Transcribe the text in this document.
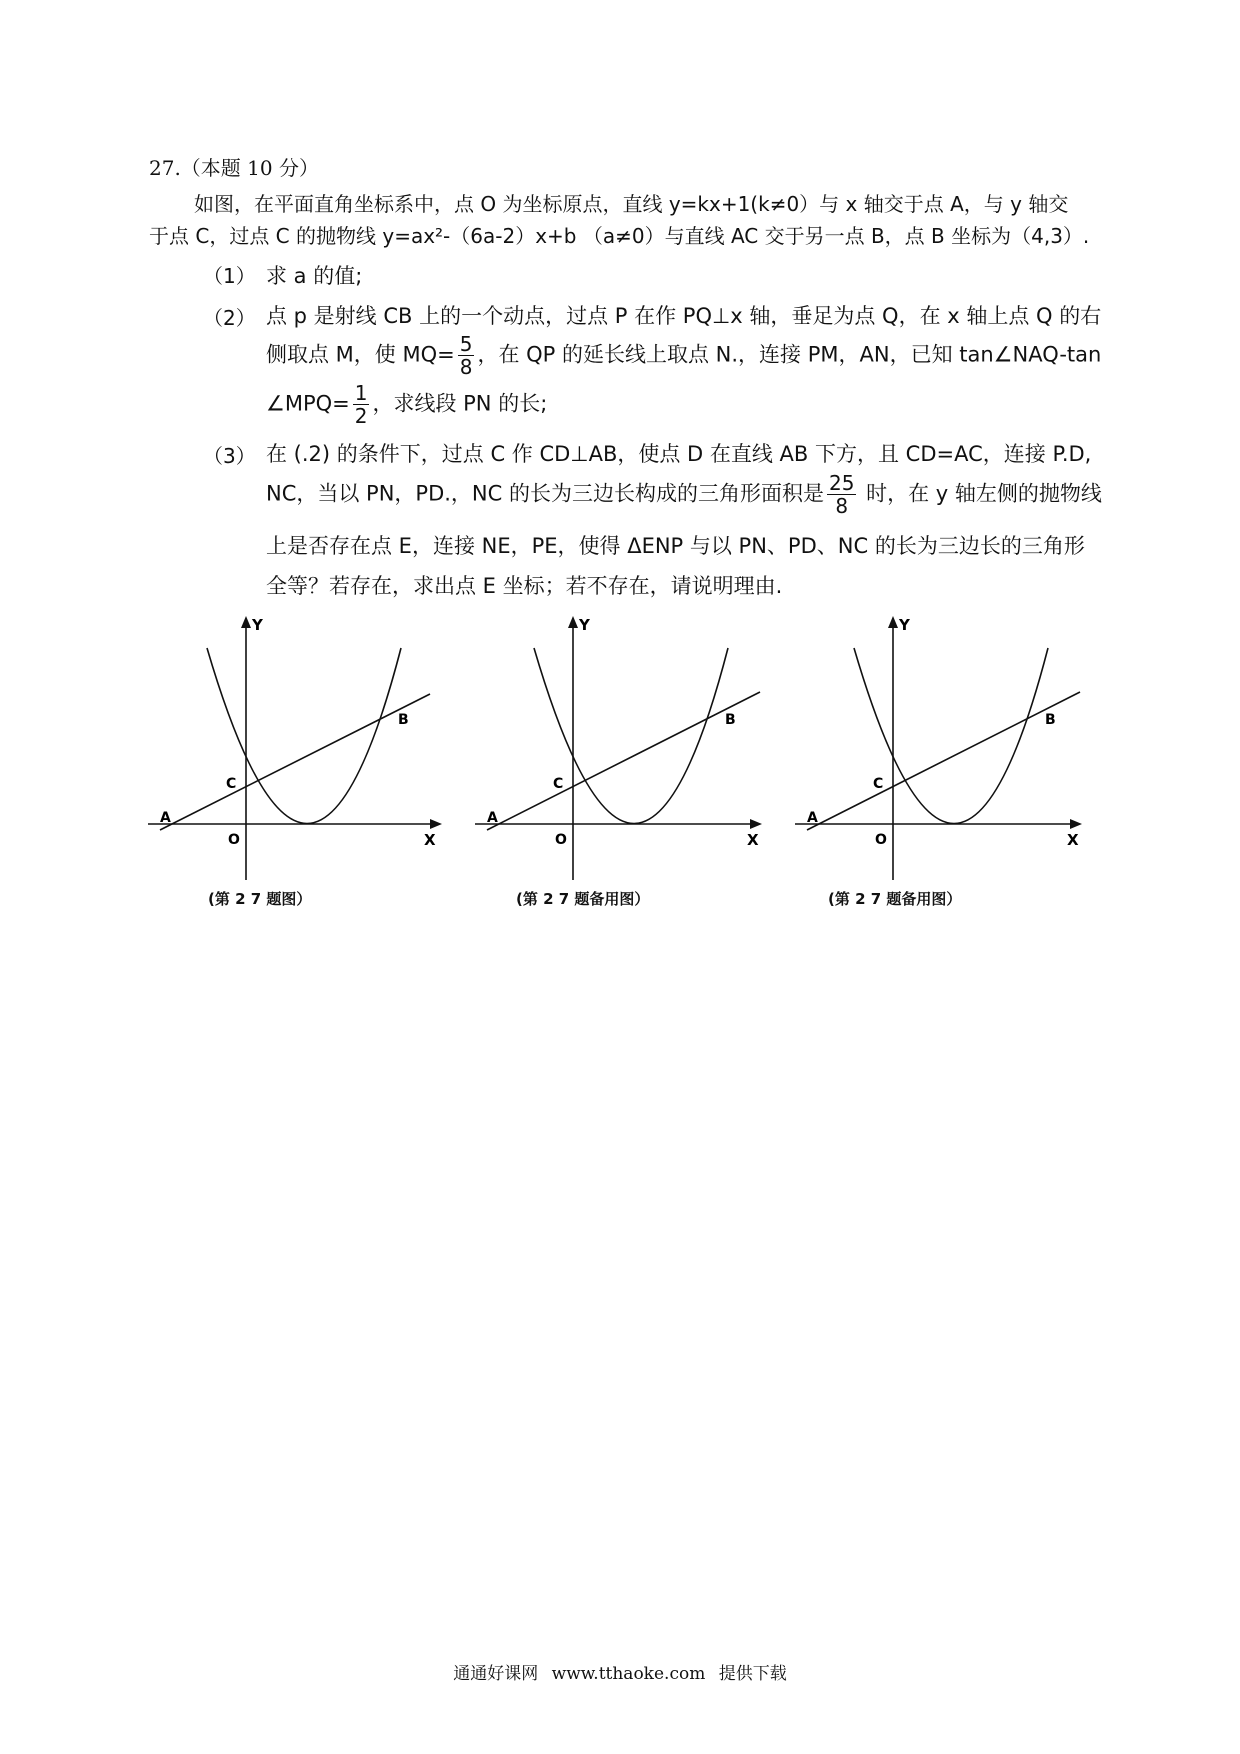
27.（本题 10 分）
如图，在平面直角坐标系中，点 O 为坐标原点，直线 y=kx+1(k≠0）与 x 轴交于点 A，与 y 轴交
于点 C，过点 C 的抛物线 y=ax²-（6a-2）x+b （a≠0）与直线 AC 交于另一点 B，点 B 坐标为（4,3）.
（1） 求 a 的值;
（2） 点 p 是射线 CB 上的一个动点，过点 P 在作 PQ⊥x 轴，垂足为点 Q，在 x 轴上点 Q 的右
侧取点 M，使 $MQ= \frac{5}{8}$ ，在 QP 的延长线上取点 N.，连接 PM，AN，已知 tan∠NAQ-tan
∠MPQ= $\frac{1}{2}$ ，求线段 PN 的长;
（3） 在 (.2) 的条件下，过点 C 作 CD⊥AB，使点 D 在直线 AB 下方，且 CD=AC，连接 P.D,
NC，当以 PN，PD.，NC 的长为三边长构成的三角形面积是 $\frac{25}{8}$ 时，在 y 轴左侧的抛物线
上是否存在点 E，连接 NE，PE，使得 ΔENP 与以 PN、PD、NC 的长为三边长的三角形
全等？若存在，求出点 E 坐标；若不存在，请说明理由.
Y
X
O
A
C
B
(第 2 7 题图）
Y
X
O
A
C
B
(第 2 7 题备用图）
Y
X
O
A
C
B
(第 2 7 题备用图）
通通好课网 www.tthaoke.com 提供下载
